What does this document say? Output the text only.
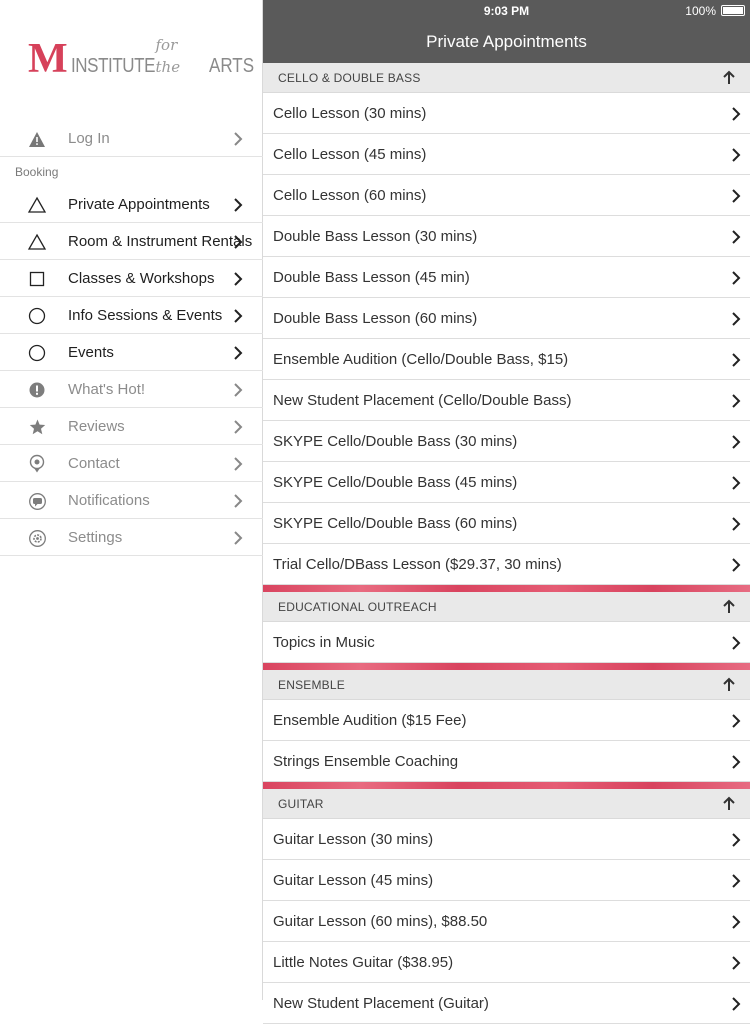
M INSTITUTE
for the	ARTS
Log In
Booking
Private Appointments
Room & Instrument Rentals
Classes & Workshops
Info Sessions & Events
Events
What's Hot!
Reviews
Contact
Notifications
Settings
9:03 PM	100%
Private Appointments
CELLO & DOUBLE BASS
Cello Lesson (30 mins)
Cello Lesson (45 mins)
Cello Lesson (60 mins)
Double Bass Lesson (30 mins)
Double Bass Lesson (45 min)
Double Bass Lesson (60 mins)
Ensemble Audition (Cello/Double Bass, $15)
New Student Placement (Cello/Double Bass)
SKYPE Cello/Double Bass (30 mins)
SKYPE Cello/Double Bass (45 mins)
SKYPE Cello/Double Bass (60 mins)
Trial Cello/DBass Lesson ($29.37, 30 mins)
EDUCATIONAL OUTREACH
Topics in Music
ENSEMBLE
Ensemble Audition ($15 Fee)
Strings Ensemble Coaching
GUITAR
Guitar Lesson (30 mins)
Guitar Lesson (45 mins)
Guitar Lesson (60 mins), $88.50
Little Notes Guitar ($38.95)
New Student Placement (Guitar)
